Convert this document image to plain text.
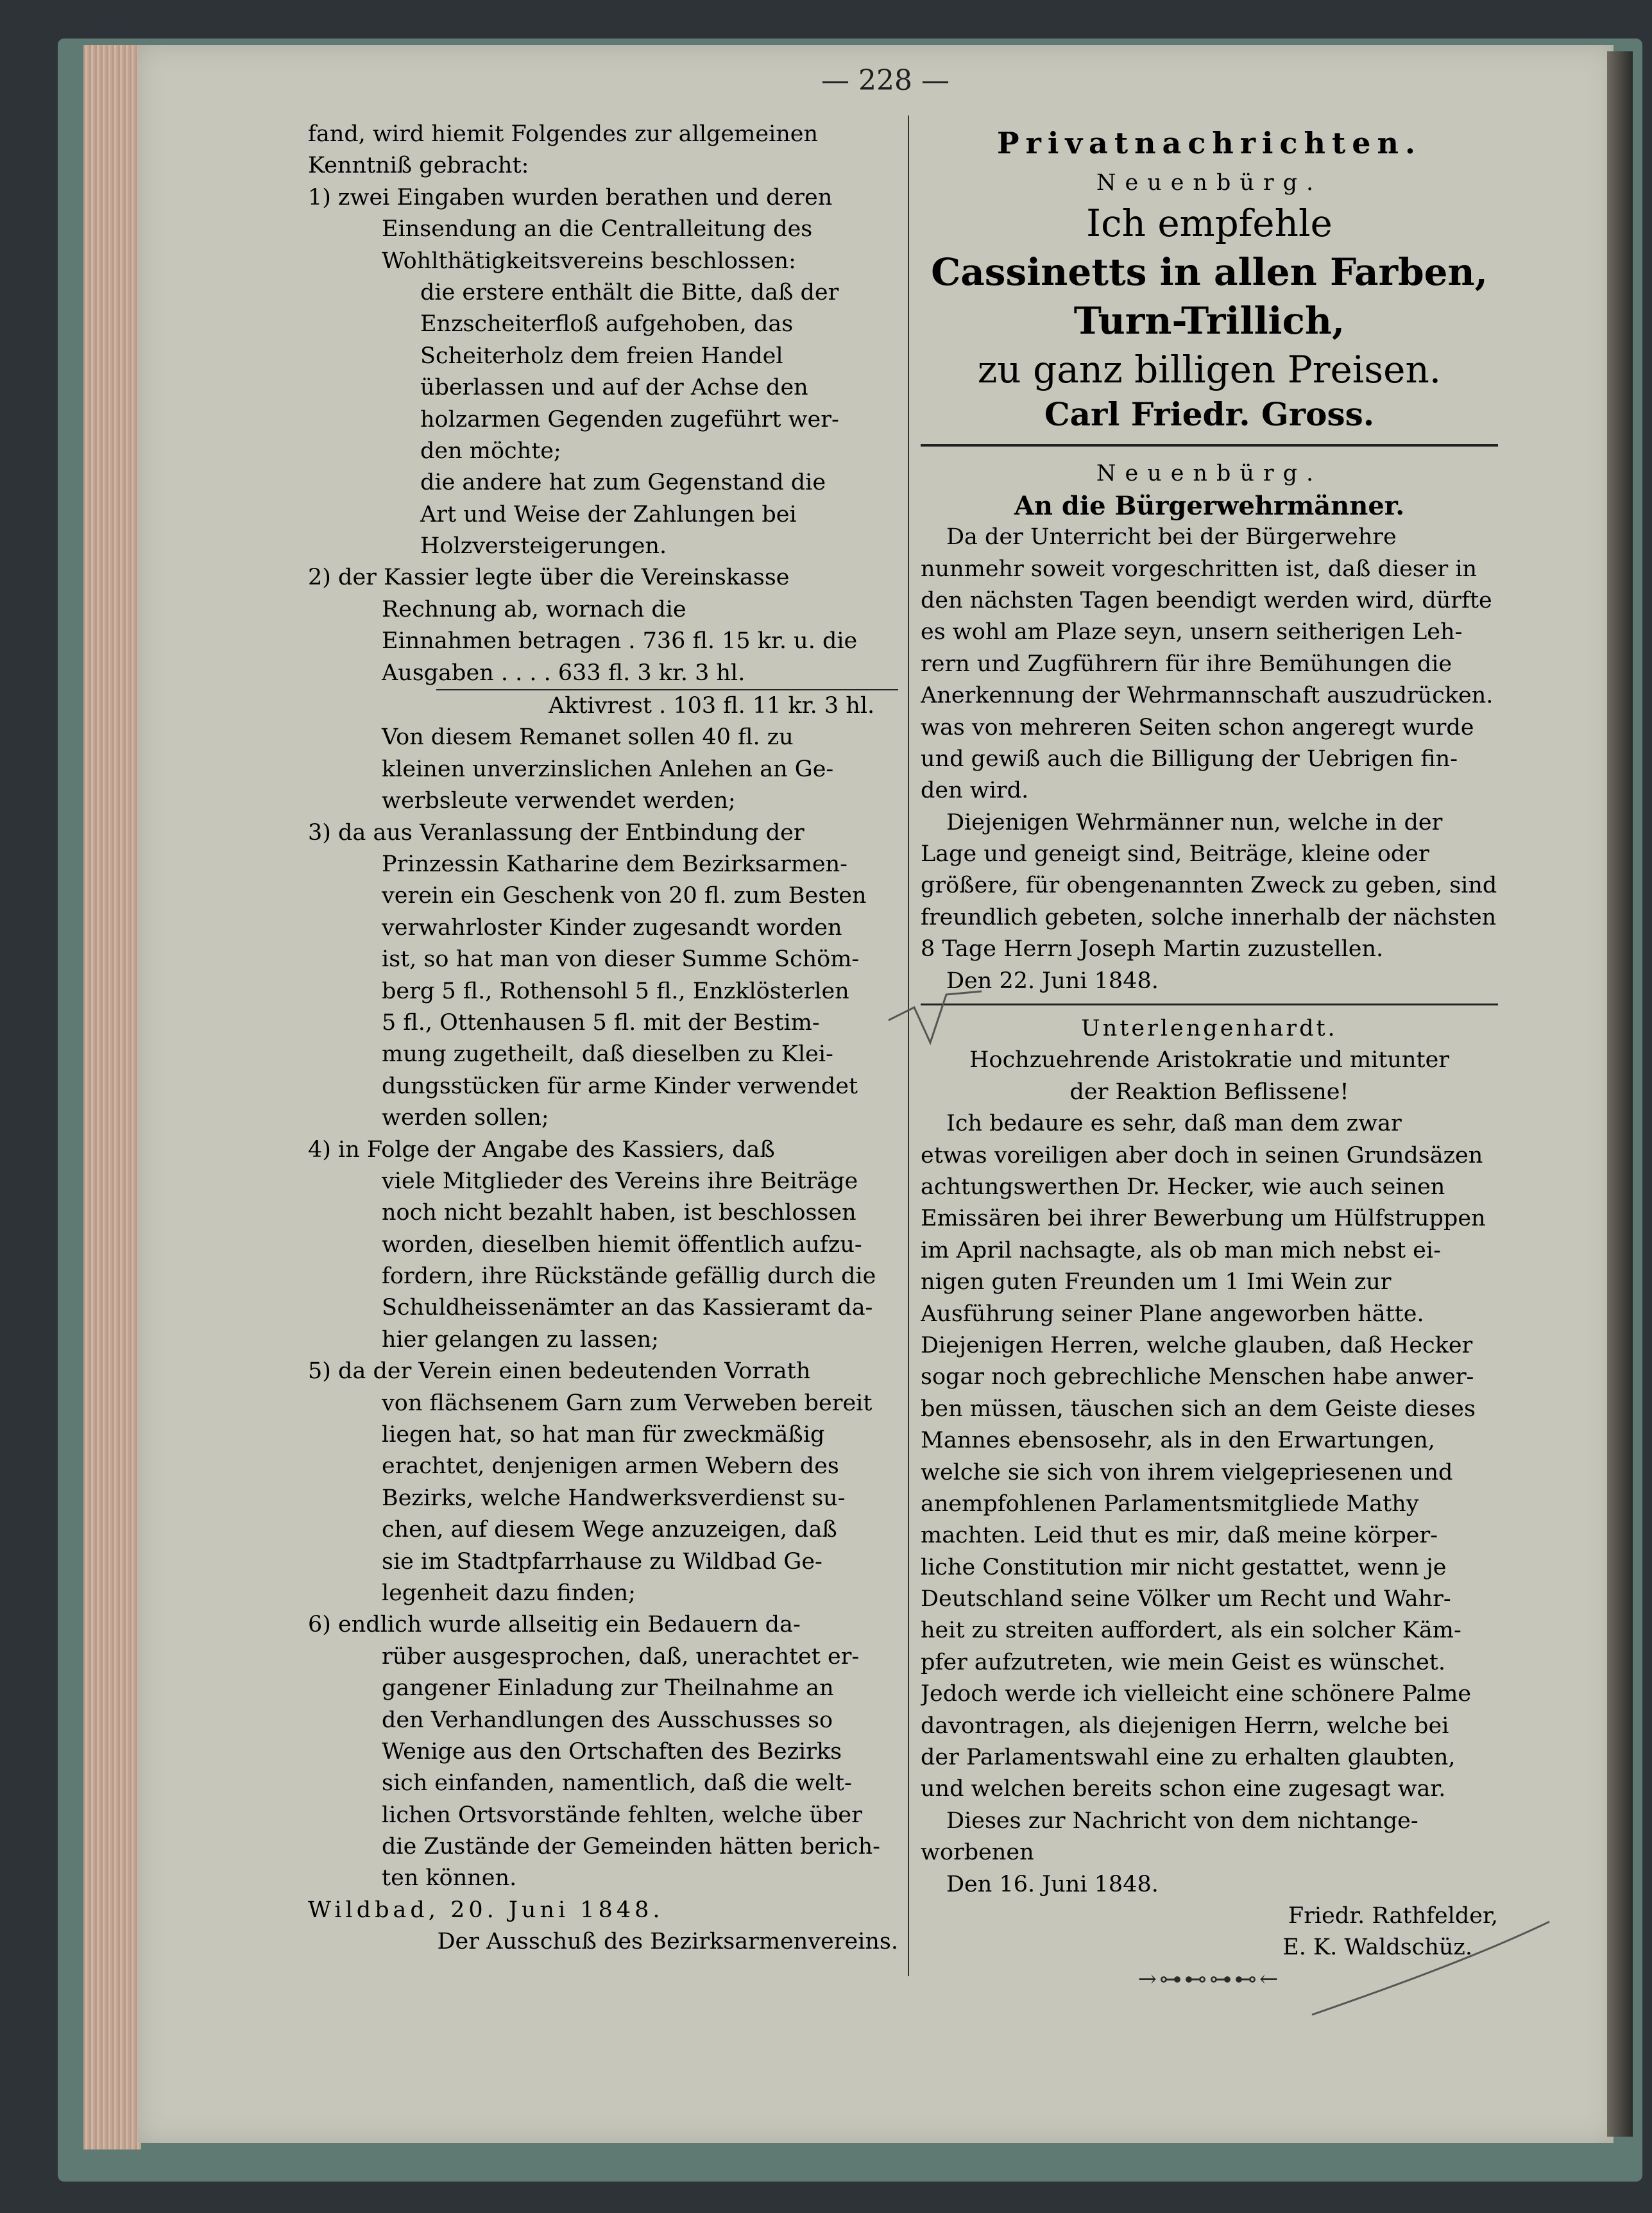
— 228 —
fand, wird hiemit Folgendes zur allgemeinen
Kenntniß gebracht:
1) zwei Eingaben wurden berathen und deren
Einsendung an die Centralleitung des
Wohlthätigkeitsvereins beschlossen:
die erstere enthält die Bitte, daß der
Enzscheiterfloß aufgehoben, das
Scheiterholz dem freien Handel
überlassen und auf der Achse den
holzarmen Gegenden zugeführt wer-
den möchte;
die andere hat zum Gegenstand die
Art und Weise der Zahlungen bei
Holzversteigerungen.
2) der Kassier legte über die Vereinskasse
Rechnung ab, wornach die
Einnahmen betragen . 736 fl. 15 kr. u. die
Ausgaben . . . . 633 fl. 3 kr. 3 hl.
Aktivrest . 103 fl. 11 kr. 3 hl.
Von diesem Remanet sollen 40 fl. zu
kleinen unverzinslichen Anlehen an Ge-
werbsleute verwendet werden;
3) da aus Veranlassung der Entbindung der
Prinzessin Katharine dem Bezirksarmen-
verein ein Geschenk von 20 fl. zum Besten
verwahrloster Kinder zugesandt worden
ist, so hat man von dieser Summe Schöm-
berg 5 fl., Rothensohl 5 fl., Enzklösterlen
5 fl., Ottenhausen 5 fl. mit der Bestim-
mung zugetheilt, daß dieselben zu Klei-
dungsstücken für arme Kinder verwendet
werden sollen;
4) in Folge der Angabe des Kassiers, daß
viele Mitglieder des Vereins ihre Beiträge
noch nicht bezahlt haben, ist beschlossen
worden, dieselben hiemit öffentlich aufzu-
fordern, ihre Rückstände gefällig durch die
Schuldheissenämter an das Kassieramt da-
hier gelangen zu lassen;
5) da der Verein einen bedeutenden Vorrath
von flächsenem Garn zum Verweben bereit
liegen hat, so hat man für zweckmäßig
erachtet, denjenigen armen Webern des
Bezirks, welche Handwerksverdienst su-
chen, auf diesem Wege anzuzeigen, daß
sie im Stadtpfarrhause zu Wildbad Ge-
legenheit dazu finden;
6) endlich wurde allseitig ein Bedauern da-
rüber ausgesprochen, daß, unerachtet er-
gangener Einladung zur Theilnahme an
den Verhandlungen des Ausschusses so
Wenige aus den Ortschaften des Bezirks
sich einfanden, namentlich, daß die welt-
lichen Ortsvorstände fehlten, welche über
die Zustände der Gemeinden hätten berich-
ten können.
Wildbad, 20. Juni 1848.
Der Ausschuß des Bezirksarmenvereins.
Privatnachrichten.
Neuenbürg.
Ich empfehle
Cassinetts in allen Farben,
Turn-Trillich,
zu ganz billigen Preisen.
Carl Friedr. Gross.
Neuenbürg.
An die Bürgerwehrmänner.
Da der Unterricht bei der Bürgerwehre
nunmehr soweit vorgeschritten ist, daß dieser in
den nächsten Tagen beendigt werden wird, dürfte
es wohl am Plaze seyn, unsern seitherigen Leh-
rern und Zugführern für ihre Bemühungen die
Anerkennung der Wehrmannschaft auszudrücken.
was von mehreren Seiten schon angeregt wurde
und gewiß auch die Billigung der Uebrigen fin-
den wird.
Diejenigen Wehrmänner nun, welche in der
Lage und geneigt sind, Beiträge, kleine oder
größere, für obengenannten Zweck zu geben, sind
freundlich gebeten, solche innerhalb der nächsten
8 Tage Herrn Joseph Martin zuzustellen.
Den 22. Juni 1848.
Unterlengenhardt.
Hochzuehrende Aristokratie und mitunter
der Reaktion Beflissene!
Ich bedaure es sehr, daß man dem zwar
etwas voreiligen aber doch in seinen Grundsäzen
achtungswerthen Dr. Hecker, wie auch seinen
Emissären bei ihrer Bewerbung um Hülfstruppen
im April nachsagte, als ob man mich nebst ei-
nigen guten Freunden um 1 Imi Wein zur
Ausführung seiner Plane angeworben hätte.
Diejenigen Herren, welche glauben, daß Hecker
sogar noch gebrechliche Menschen habe anwer-
ben müssen, täuschen sich an dem Geiste dieses
Mannes ebensosehr, als in den Erwartungen,
welche sie sich von ihrem vielgepriesenen und
anempfohlenen Parlamentsmitgliede Mathy
machten. Leid thut es mir, daß meine körper-
liche Constitution mir nicht gestattet, wenn je
Deutschland seine Völker um Recht und Wahr-
heit zu streiten auffordert, als ein solcher Käm-
pfer aufzutreten, wie mein Geist es wünschet.
Jedoch werde ich vielleicht eine schönere Palme
davontragen, als diejenigen Herrn, welche bei
der Parlamentswahl eine zu erhalten glaubten,
und welchen bereits schon eine zugesagt war.
Dieses zur Nachricht von dem nichtange-
worbenen
Den 16. Juni 1848.
Friedr. Rathfelder,
E. K. Waldschüz.
→⊶⊷⊶⊷←
